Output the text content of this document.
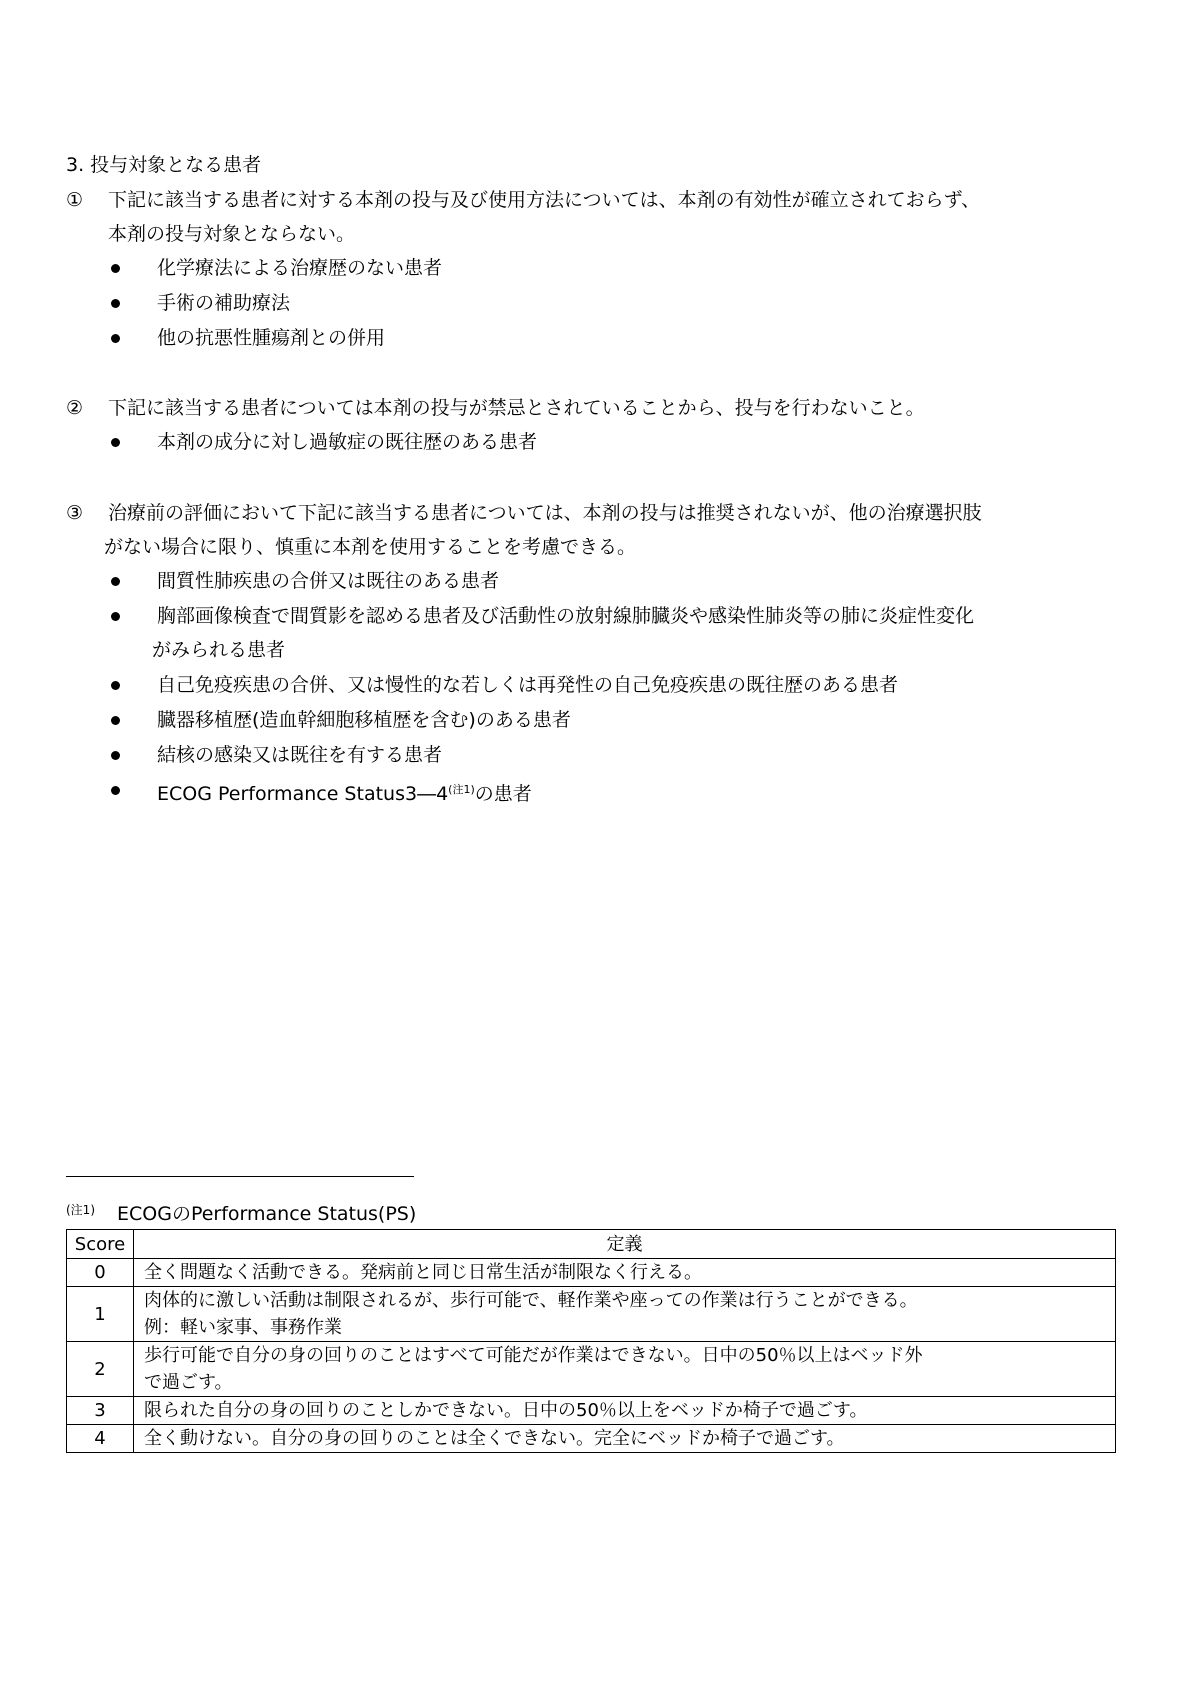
3. 投与対象となる患者
① 下記に該当する患者に対する本剤の投与及び使用方法については、本剤の有効性が確立されておらず、
本剤の投与対象とならない。
化学療法による治療歴のない患者
手術の補助療法
他の抗悪性腫瘍剤との併用
② 下記に該当する患者については本剤の投与が禁忌とされていることから、投与を行わないこと。
本剤の成分に対し過敏症の既往歴のある患者
③ 治療前の評価において下記に該当する患者については、本剤の投与は推奨されないが、他の治療選択肢
がない場合に限り、慎重に本剤を使用することを考慮できる。
間質性肺疾患の合併又は既往のある患者
胸部画像検査で間質影を認める患者及び活動性の放射線肺臓炎や感染性肺炎等の肺に炎症性変化
がみられる患者
自己免疫疾患の合併、又は慢性的な若しくは再発性の自己免疫疾患の既往歴のある患者
臓器移植歴(造血幹細胞移植歴を含む)のある患者
結核の感染又は既往を有する患者
ECOG Performance Status3―4$^{(注1)}$の患者
$^{(注1)}$ ECOGのPerformance Status(PS)
Score	定義
0	全く問題なく活動できる。発病前と同じ日常生活が制限なく行える。

1	肉体的に激しい活動は制限されるが、歩行可能で、軽作業や座っての作業は行うことができる。
例：軽い家事、事務作業

2	歩行可能で自分の身の回りのことはすべて可能だが作業はできない。日中の50％以上はベッド外
で過ごす。

3	限られた自分の身の回りのことしかできない。日中の50％以上をベッドか椅子で過ごす。

4	全く動けない。自分の身の回りのことは全くできない。完全にベッドか椅子で過ごす。
